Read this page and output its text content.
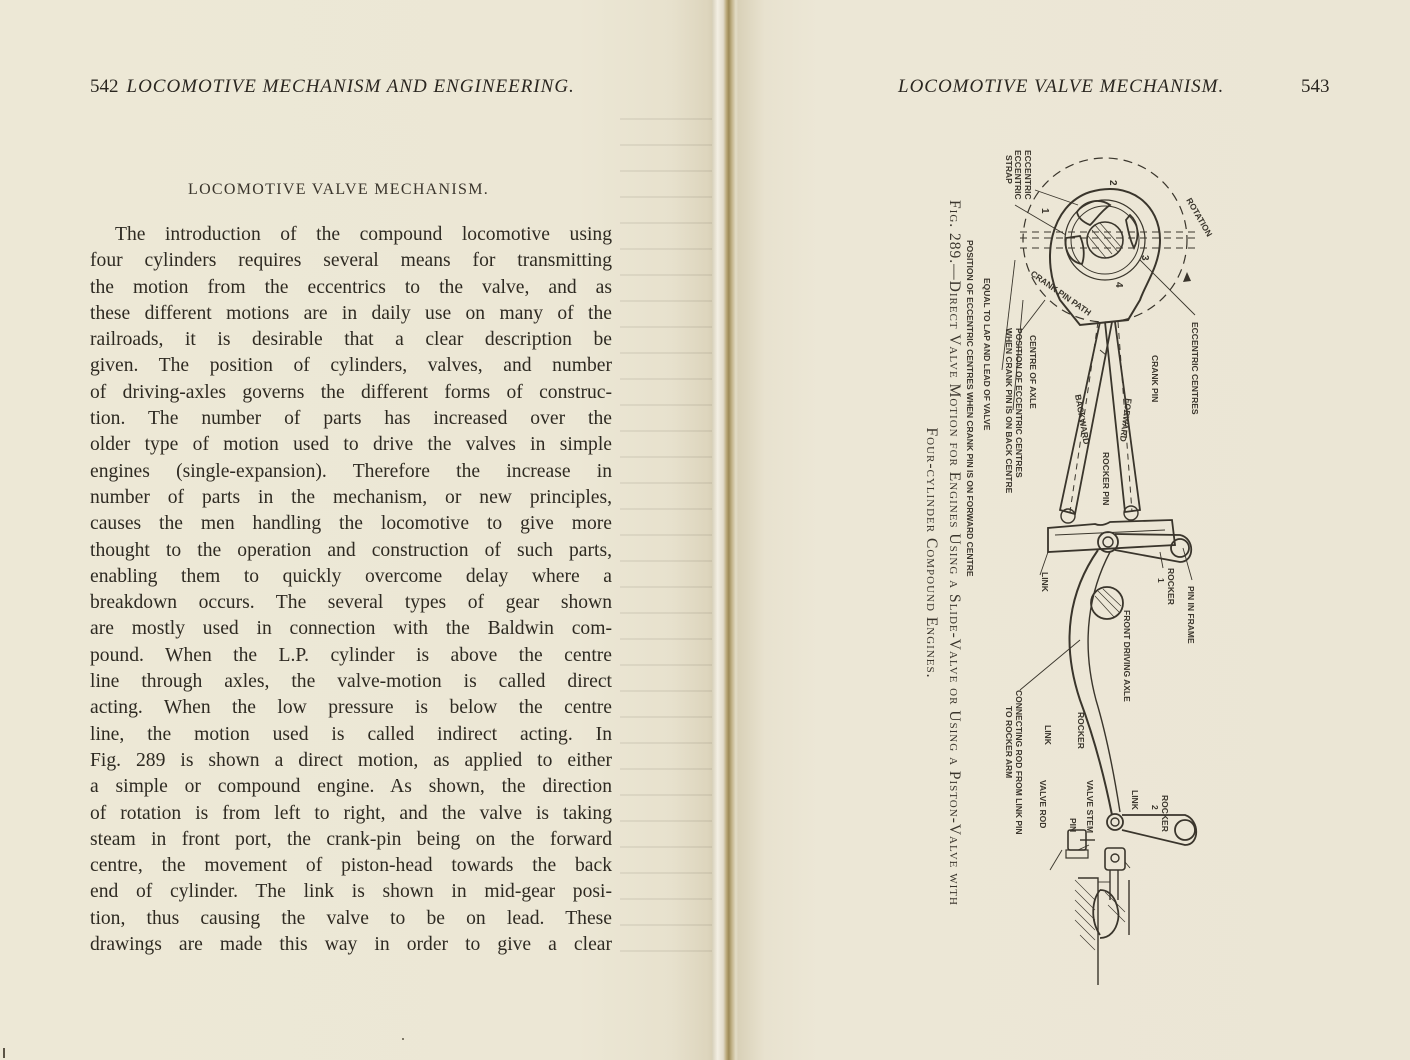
542 LOCOMOTIVE MECHANISM AND ENGINEERING.
LOCOMOTIVE VALVE MECHANISM.
The introduction of the compound locomotive using
four cylinders requires several means for transmitting
the motion from the eccentrics to the valve, and as
these different motions are in daily use on many of the
railroads, it is desirable that a clear description be
given. The position of cylinders, valves, and number
of driving-axles governs the different forms of construc-
tion. The number of parts has increased over the
older type of motion used to drive the valves in simple
engines (single-expansion). Therefore the increase in
number of parts in the mechanism, or new principles,
causes the men handling the locomotive to give more
thought to the operation and construction of such parts,
enabling them to quickly overcome delay where a
breakdown occurs. The several types of gear shown
are mostly used in connection with the Baldwin com-
pound. When the L.P. cylinder is above the centre
line through axles, the valve-motion is called direct
acting. When the low pressure is below the centre
line, the motion used is called indirect acting. In
Fig. 289 is shown a direct motion, as applied to either
a simple or compound engine. As shown, the direction
of rotation is from left to right, and the valve is taking
steam in front port, the crank-pin being on the forward
centre, the movement of piston-head towards the back
end of cylinder. The link is shown in mid-gear posi-
tion, thus causing the valve to be on lead. These
drawings are made this way in order to give a clear
LOCOMOTIVE VALVE MECHANISM.	543
Fig. 289.—Direct Valve Motion for Engines Using a Slide-Valve or Using a Piston-Valve with
Four-cylinder Compound Engines.
ECCENTRIC
ECCENTRIC
STRAP
ROTATION
CRANK PIN PATH
ECCENTRIC CENTRES
CRANK PIN
CENTRE OF AXLE
POSITION OF ECCENTRIC CENTRES
WHEN CRANK PIN IS ON BACK CENTRE
EQUAL TO LAP AND LEAD OF VALVE
POSITION OF ECCENTRIC CENTRES WHEN CRANK PIN IS ON FORWARD CENTRE	BACKWARD	FORWARD
ROCKER PIN
LINK	ROCKER
1
PIN IN FRAME
FRONT DRIVING AXLE
CONNECTING ROD FROM LINK PIN
TO ROCKER ARM	ROCKER
LINK
VALVE ROD PIN VALVE STEM	LINK ROCKER
2
1
2
3
4
